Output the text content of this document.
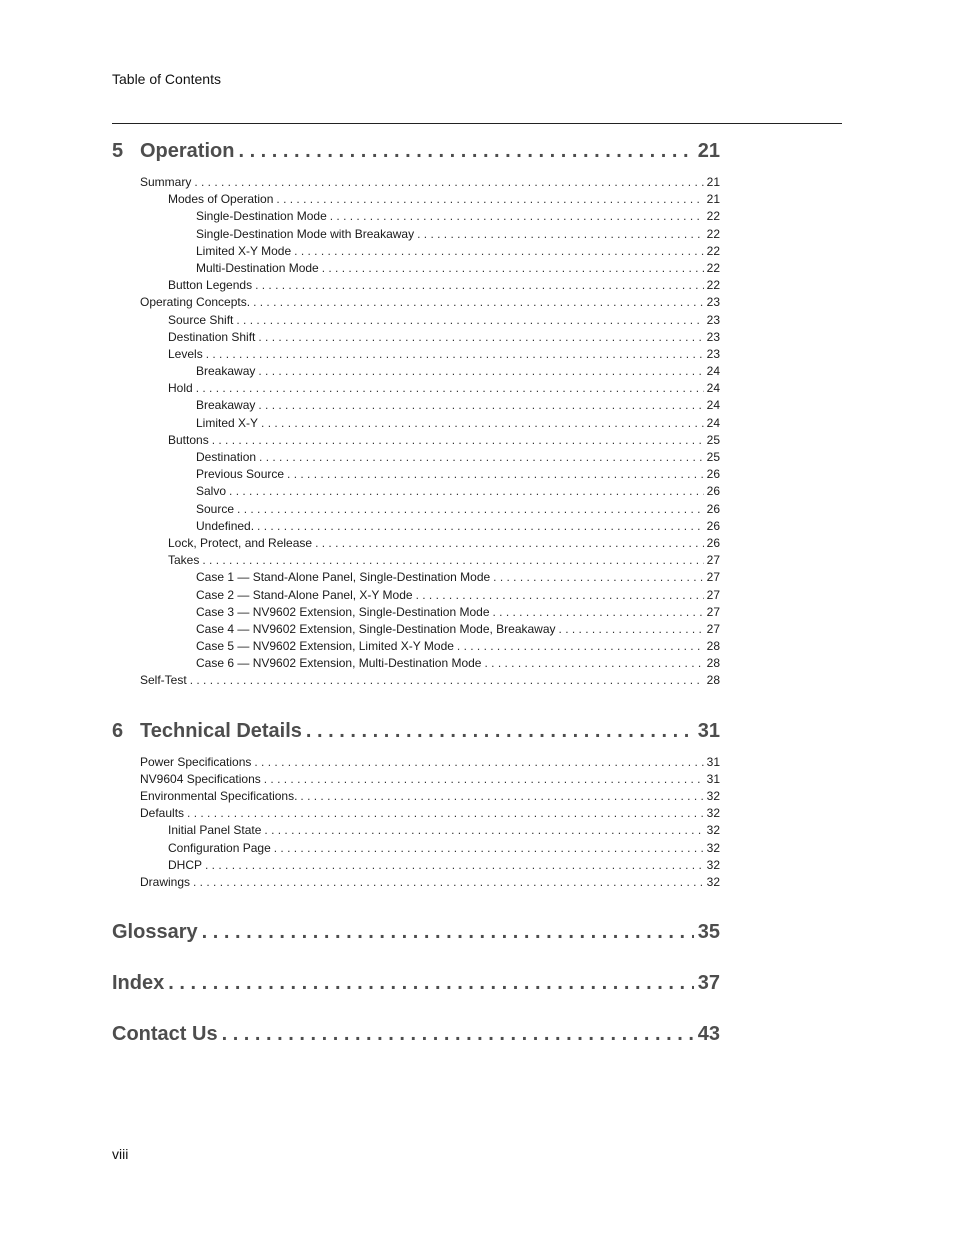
Table of Contents
5 Operation . . .	21
Summary . . .	21
Modes of Operation . . .	21
Single-Destination Mode . . .	22
Single-Destination Mode with Breakaway . . .	22
Limited X-Y Mode . . .	22
Multi-Destination Mode . . .	22
Button Legends . . .	22
Operating Concepts. . . .	23
Source Shift . . .	23
Destination Shift . . .	23
Levels . . .	23
Breakaway . . .	24
Hold . . .	24
Breakaway . . .	24
Limited X-Y . . .	24
Buttons . . .	25
Destination . . .	25
Previous Source . . .	26
Salvo . . .	26
Source . . .	26
Undefined. . . .	26
Lock, Protect, and Release . . .	26
Takes . . .	27
Case 1 — Stand-Alone Panel, Single-Destination Mode . . .	27
Case 2 — Stand-Alone Panel, X-Y Mode . . .	27
Case 3 — NV9602 Extension, Single-Destination Mode . . .	27
Case 4 — NV9602 Extension, Single-Destination Mode, Breakaway . . .	27
Case 5 — NV9602 Extension, Limited X-Y Mode . . .	28
Case 6 — NV9602 Extension, Multi-Destination Mode . . .	28
Self-Test . . .	28
6 Technical Details . . .	31
Power Specifications . . .	31
NV9604 Specifications . . .	31
Environmental Specifications. . . .	32
Defaults . . .	32
Initial Panel State . . .	32
Configuration Page . . .	32
DHCP . . .	32
Drawings . . .	32
Glossary . . .	35
Index . . .	37
Contact Us . . .	43
viii
